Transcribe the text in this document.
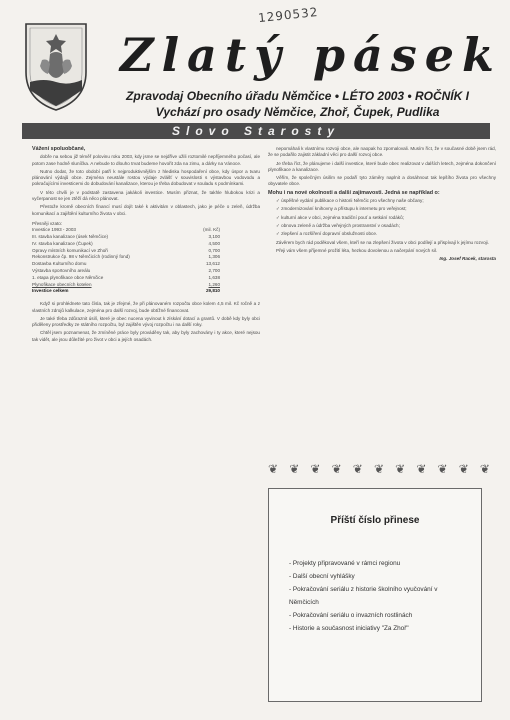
1290532
Zlatý pásek
Zpravodaj Obecního úřadu Němčice • LÉTO 2003 • ROČNÍK I
Vychází pro osady Němčice, Zhoř, Čupek, Pudlika
Slovo Starosty

Vážení spoluobčané,

dobře na sebou již téměř polovinu roku 2003, kdy jsme se nejdříve užili roztomilé nepříjemného počasí, ale potom zase hodně sluníčka. A nebude to dlouho trvat budeme hovořit zda na zimu, a dárky na Vánoce.

Nutno dodat, že toto období patří k nejproduktivnějším z hlediska hospodaření obce, kdy úspor a tvaru plánování výdajů obce. Zejména neustále rostou výdaje zvlášť v souvislosti s výstavbou vodovodu a pokračujícími investicemi do dobudování kanalizace, kterou je třeba dobudovat v souladu s podmínkami.

V této chvíli je v podstatě zastavena jakákoli investice. Musím přiznat, že takhle hlubokou krizi a vyčerpanost se jen ztěží dá něco plánovat.

Přestože kromě obecních financí musí dojít také k aktivitám v oblastech, jako je péče o zeleň, údržba komunikací a zajištění kulturního života v obci.

Přesněji vzato:
Investice 1993 - 2003	(mil. Kč)
III. stavba kanalizace (úsek Němčice)	3,100
IV. stavba kanalizace (Čupek)	4,500
Opravy místních komunikací ve Zhoři	0,700
Rekonstrukce čp. 98 v Němčicích (rodinný fond)	1,306
Dostavba Kulturního domu	13,612
Výstavba sportovního areálu	2,700
1. etapa plynofikace obce Němčice	1,638
Plynofikace obecních kotelen	1,260
Investice celkem	29,810

Když si prohlédnete tato čísla, tak je zřejmé, že při plánovaném rozpočtu obce kolem 4,5 mil. Kč ročně a z vlastních zdrojů kalkulace, zejména pro další rozvoj, bude obtížné financovat.

Je také třeba zdůraznit úsilí, které je obec nucena vyvinout k získání dotací a grantů. V době kdy byly obci přiděleny prostředky ze státního rozpočtu, byl zajištěn vývoj rozpočtu i na další roky.

Chtěl jsem poznamenat, že zmíněné práce byly prováděny tak, aby byly zachovány i ty akce, které nejsou tak vidět, ale jsou důležité pro život v obci a jejích osadách.

nepomáhali k vlastnímu rozvoji obce, ale naopak ho zpomalovali. Musím říct, že v současné době jsem rád, že se podařilo zajistit základní věci pro další rozvoj obce.

Je třeba říct, že plánujeme i další investice, které bude obec realizovat v dalších letech, zejména dokončení plynofikace a kanalizace.

Věřím, že společným úsilím se podaří tyto záměry naplnit a dosáhnout tak lepšího života pro všechny obyvatele obce.

Mohu i na nové okolnosti a další zajímavosti. Jedná se například o:

✓ úspěšné vydání publikace o historii Němčic pro všechny naše občany;

✓ zmodernizování knihovny a přístupu k internetu pro veřejnost;

✓ kulturní akce v obci, zejména tradiční pouť a setkání rodáků;

✓ obnova zeleně a údržba veřejných prostranství v osadách;

✓ zlepšení a rozšíření dopravní obslužnosti obce.

Závěrem bych rád poděkoval všem, kteří se na zlepšení života v obci podílejí a přispívají k jejímu rozvoji.

Přeji vám všem příjemné prožití léta, hezkou dovolenou a načerpání nových sil.

Ing. Josef Racek, starosta

❦ ❦ ❦ ❦ ❦ ❦ ❦ ❦ ❦ ❦ ❦
Příští číslo přinese
- Projekty připravované v rámci regionu
- Další obecní vyhlášky
- Pokračování seriálu z historie školního vyučování v Němčicích
- Pokračování seriálu o invazních rostlinách
- Historie a současnost iniciativy "Za Zhoř"
